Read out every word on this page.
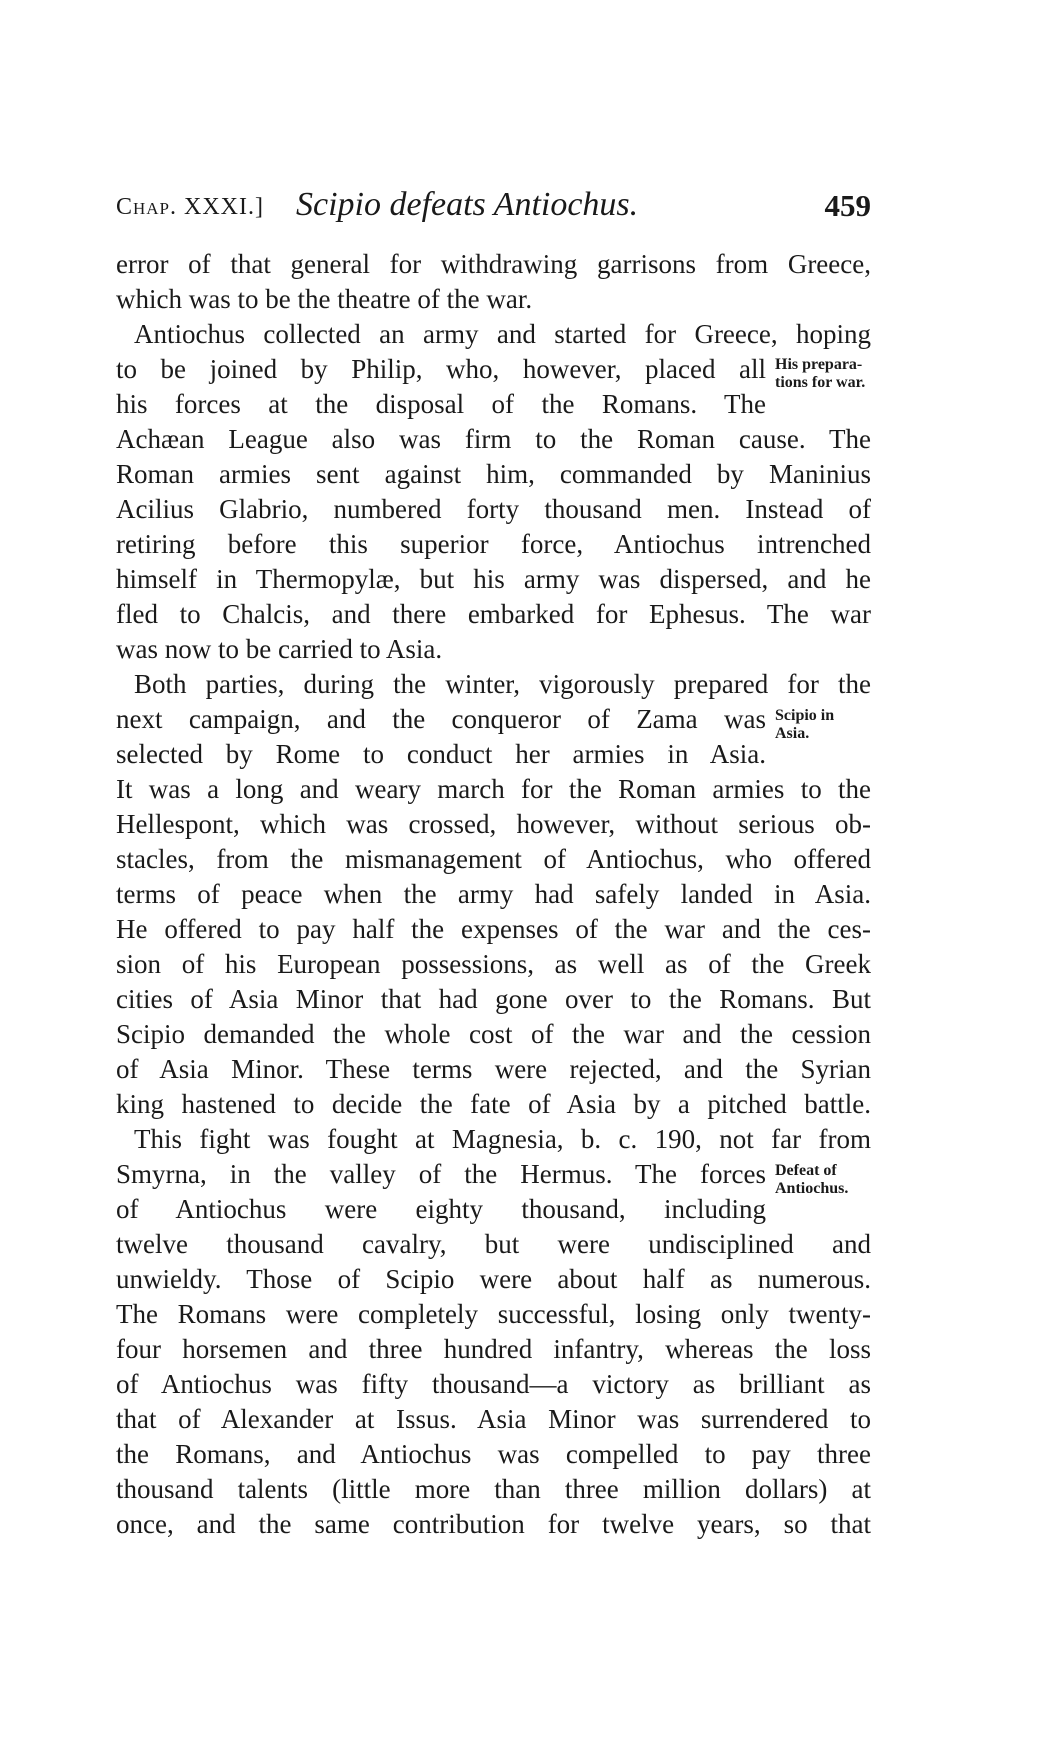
Chap. XXXI.] Scipio defeats Antiochus.	459
error of that general for withdrawing garrisons from Greece,
which was to be the theatre of the war.
Antiochus collected an army and started for Greece, hoping
to be joined by Philip, who, however, placed all
his forces at the disposal of the Romans. The
Achæan League also was firm to the Roman cause. The
Roman armies sent against him, commanded by Maninius
Acilius Glabrio, numbered forty thousand men. Instead of
retiring before this superior force, Antiochus intrenched
himself in Thermopylæ, but his army was dispersed, and he
fled to Chalcis, and there embarked for Ephesus. The war
was now to be carried to Asia.
Both parties, during the winter, vigorously prepared for the
next campaign, and the conqueror of Zama was
selected by Rome to conduct her armies in Asia.
It was a long and weary march for the Roman armies to the
Hellespont, which was crossed, however, without serious ob-
stacles, from the mismanagement of Antiochus, who offered
terms of peace when the army had safely landed in Asia.
He offered to pay half the expenses of the war and the ces-
sion of his European possessions, as well as of the Greek
cities of Asia Minor that had gone over to the Romans. But
Scipio demanded the whole cost of the war and the cession
of Asia Minor. These terms were rejected, and the Syrian
king hastened to decide the fate of Asia by a pitched battle.
This fight was fought at Magnesia, b. c. 190, not far from
Smyrna, in the valley of the Hermus. The forces
of Antiochus were eighty thousand, including
twelve thousand cavalry, but were undisciplined and
unwieldy. Those of Scipio were about half as numerous.
The Romans were completely successful, losing only twenty-
four horsemen and three hundred infantry, whereas the loss
of Antiochus was fifty thousand—a victory as brilliant as
that of Alexander at Issus. Asia Minor was surrendered to
the Romans, and Antiochus was compelled to pay three
thousand talents (little more than three million dollars) at
once, and the same contribution for twelve years, so that
His prepara-
tions for war.
Scipio in
Asia.
Defeat of
Antiochus.
